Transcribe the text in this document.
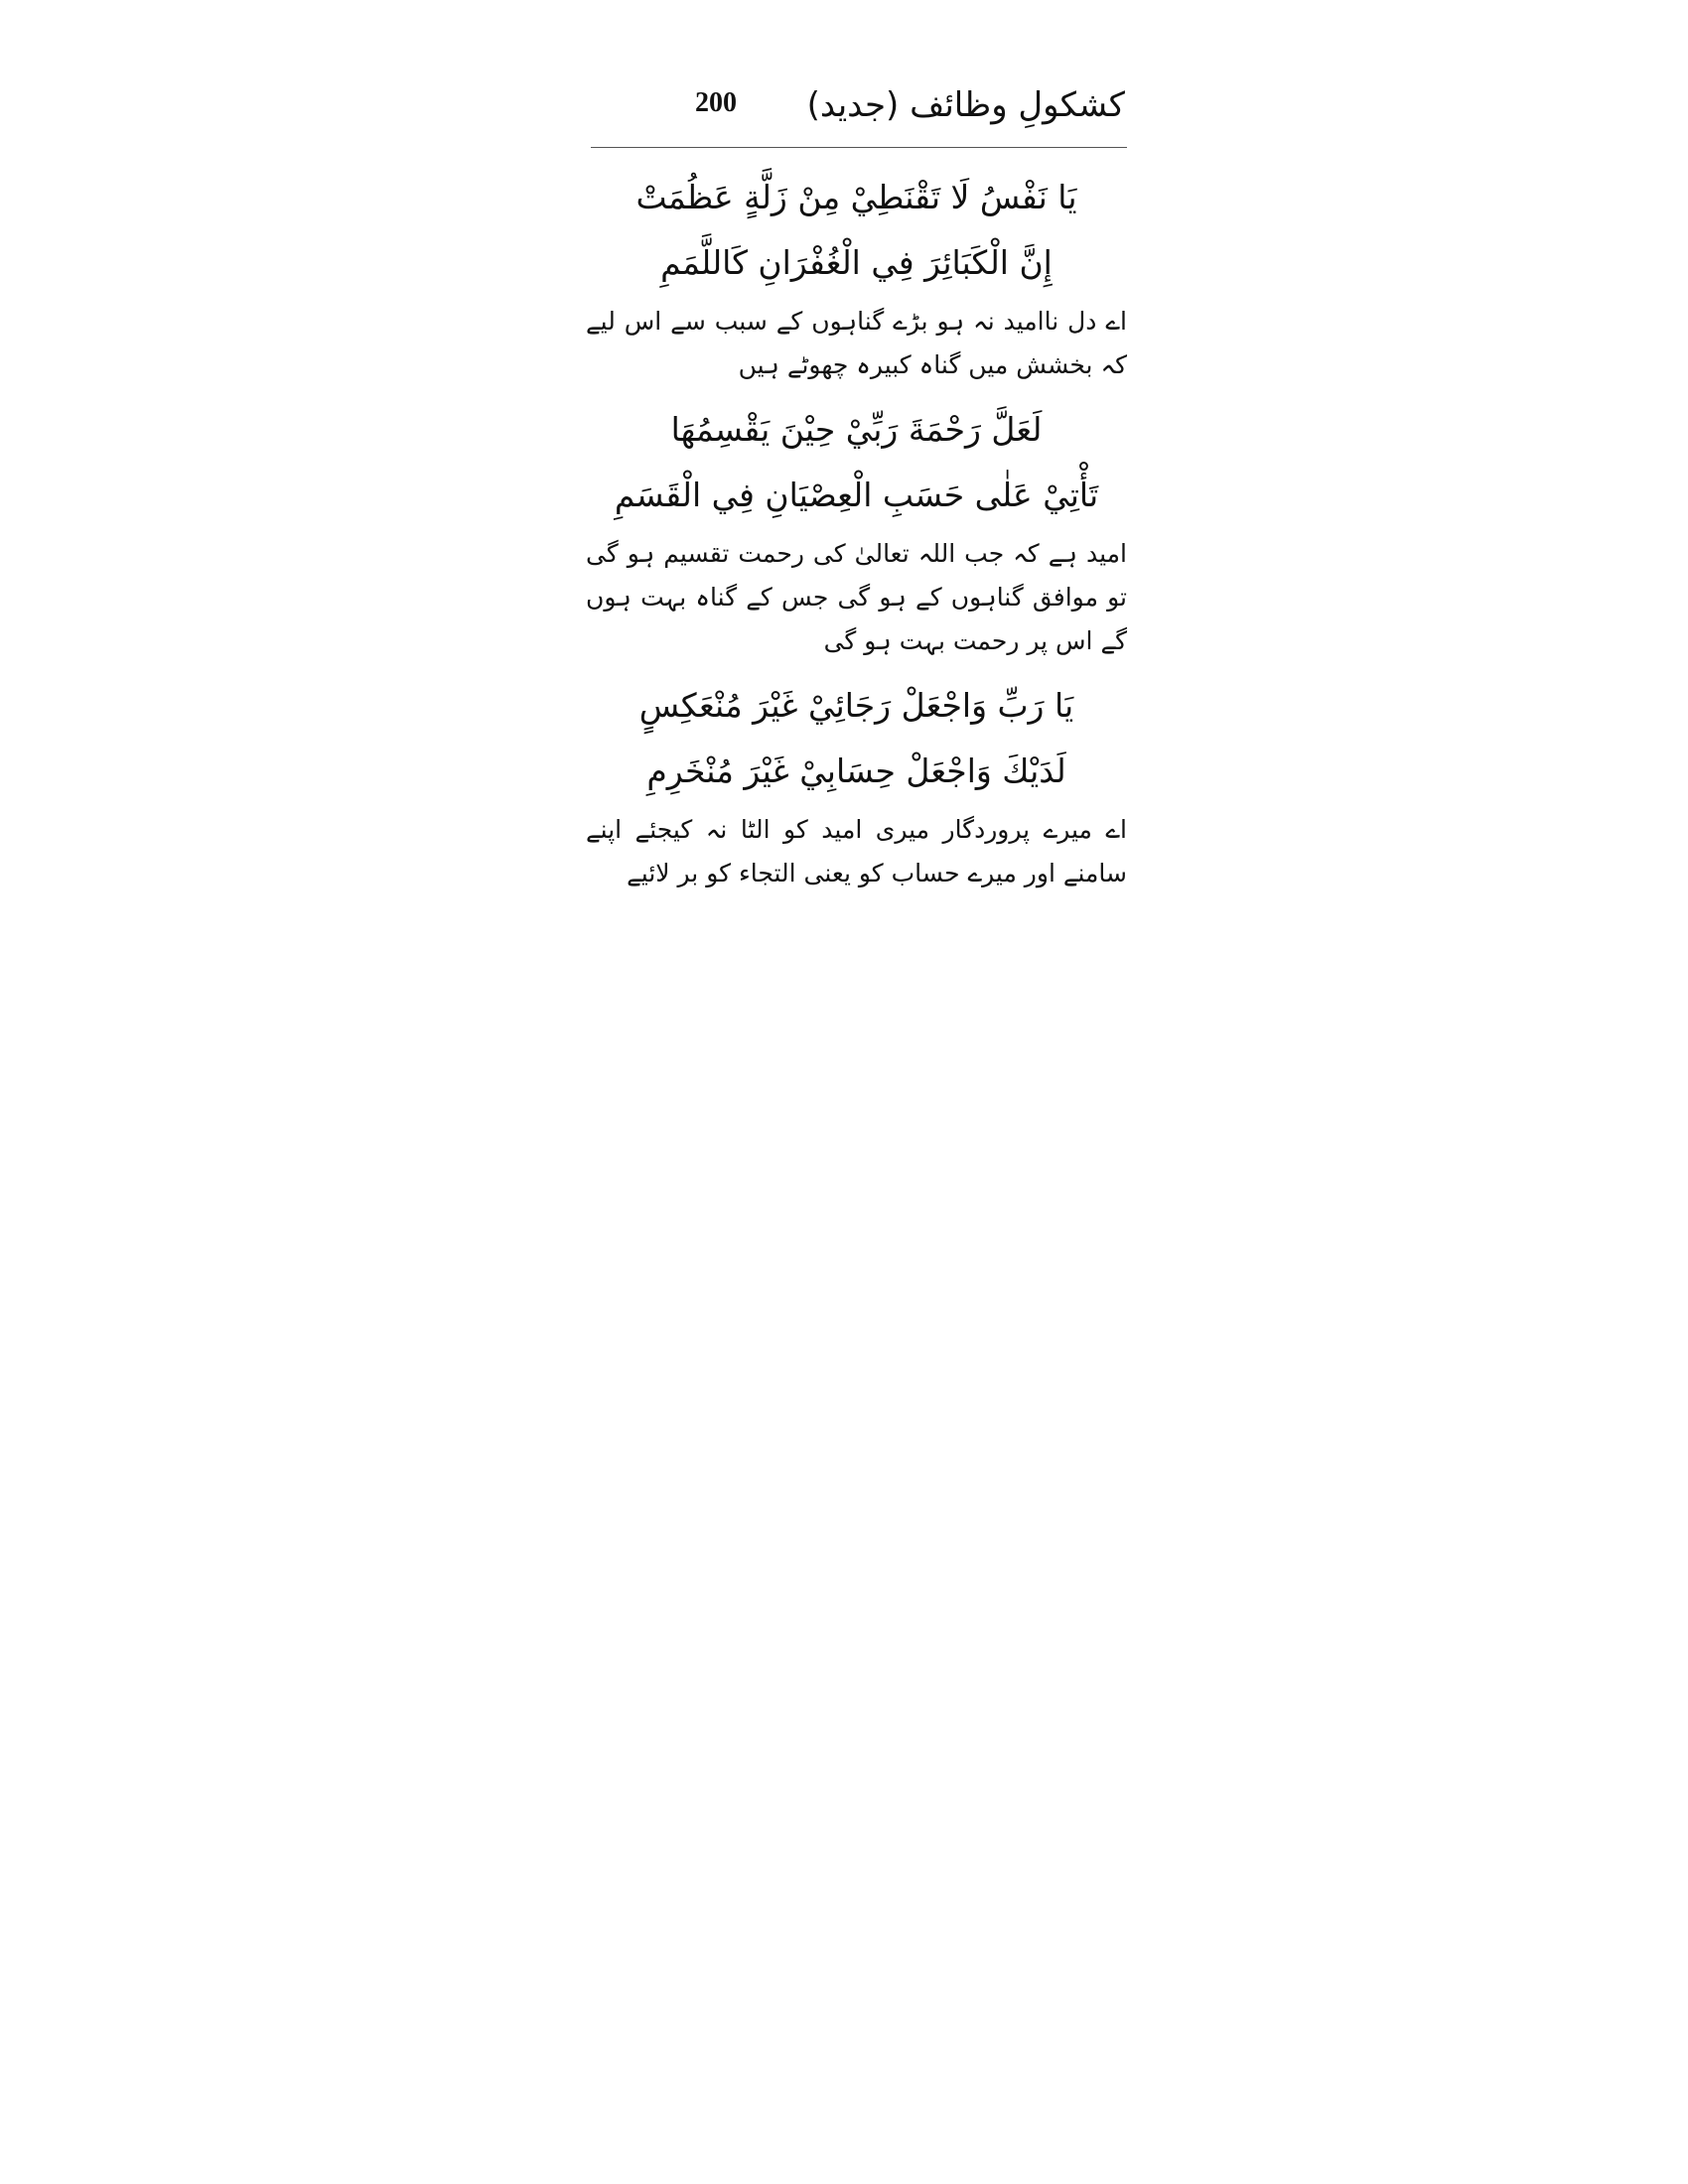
کشکولِ وظائف (جدید)
200
يَا نَفْسُ لَا تَقْنَطِيْ مِنْ زَلَّةٍ عَظُمَتْ
إِنَّ الْكَبَائِرَ فِي الْغُفْرَانِ كَاللَّمَمِ
اے دل ناامید نہ ہو بڑے گناہوں کے سبب سے اس لیے کہ بخشش میں گناہ کبیرہ چھوٹے ہیں
لَعَلَّ رَحْمَةَ رَبِّيْ حِيْنَ يَقْسِمُهَا
تَأْتِيْ عَلٰى حَسَبِ الْعِصْيَانِ فِي الْقَسَمِ
امید ہے کہ جب اللہ تعالیٰ کی رحمت تقسیم ہو گی تو موافق گناہوں کے ہو گی جس کے گناہ بہت ہوں گے اس پر رحمت بہت ہو گی
يَا رَبِّ وَاجْعَلْ رَجَائِيْ غَيْرَ مُنْعَكِسٍ
لَدَيْكَ وَاجْعَلْ حِسَابِيْ غَيْرَ مُنْخَرِمِ
اے میرے پروردگار میری امید کو الٹا نہ کیجئے اپنے سامنے اور میرے حساب کو یعنی التجاء کو بر لائیے
